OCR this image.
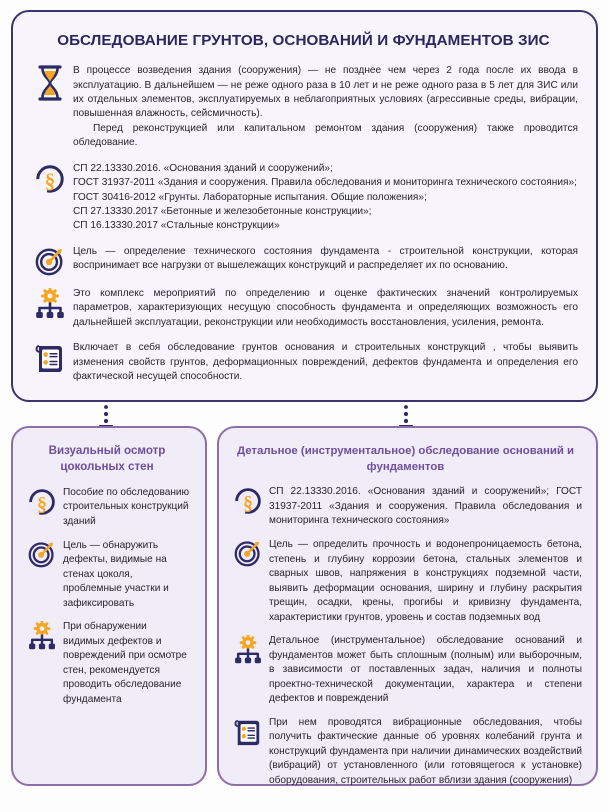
ОБСЛЕДОВАНИЕ ГРУНТОВ, ОСНОВАНИЙ И ФУНДАМЕНТОВ ЗИС

В процессе возведения здания (сооружения) — не позднее чем через 2 года после их ввода в эксплуатацию. В дальнейшем — не реже одного раза в 10 лет и не реже одного раза в 5 лет для ЗИС или их отдельных элементов, эксплуатируемых в неблагоприятных условиях (агрессивные среды, вибрации, повышенная влажность, сейсмичность).

Перед реконструкцией или капитальном ремонтом здания (сооружения) также проводится обледование.

§
СП 22.13330.2016. «Основания зданий и сооружений»;
ГОСТ 31937-2011 «Здания и сооружения. Правила обследования и мониторинга технического состояния»;
ГОСТ 30416-2012 «Грунты. Лабораторные испытания. Общие положения»;
СП 27.13330.2017 «Бетонные и железобетонные конструкции»;
СП 16.13330.2017 «Стальные конструкции»
Цель — определение технического состояния фундамента - строительной конструкции, которая воспринимает все нагрузки от вышележащих конструкций и распределяет их по основанию.
Это комплекс мероприятий по определению и оценке фактических значений контролируемых параметров, характеризующих несущую способность фундамента и определяющих возможность его дальнейшей эксплуатации, реконструкции или необходимость восстановления, усиления, ремонта.
Включает в себя обследование грунтов основания и строительных конструкций , чтобы выявить изменения свойств грунтов, деформационных повреждений, дефектов фундамента и определения его фактической несущей способности.
Визуальный осмотр цокольных стен
§
Пособие по обследованию строительных конструкций зданий
Цель — обнаружить дефекты, видимые на стенах цоколя, проблемные участки и зафиксировать
При обнаружении видимых дефектов и повреждений при осмотре стен, рекомендуется проводить обследование фундамента
Детальное (инструментальное) обследование оснований и фундаментов
§
СП 22.13330.2016. «Основания зданий и сооружений»; ГОСТ 31937-2011 «Здания и сооружения. Правила обследования и мониторинга технического состояния»
Цель — определить прочность и водонепроницаемость бетона, степень и глубину коррозии бетона, стальных элементов и сварных швов, напряжения в конструкциях подземной части, выявить деформации основания, ширину и глубину раскрытия трещин, осадки, крены, прогибы и кривизну фундамента, характеристики грунтов, уровень и состав подземных вод
Детальное (инструментальное) обследование оснований и фундаментов может быть сплошным (полным) или выборочным, в зависимости от поставленных задач, наличия и полноты проектно-технической документации, характера и степени дефектов и повреждений
При нем проводятся вибрационные обследования, чтобы получить фактические данные об уровнях колебаний грунта и конструкций фундамента при наличии динамических воздействий (вибраций) от установленного (или готовящегося к установке) оборудования, строительных работ вблизи здания (сооружения)
